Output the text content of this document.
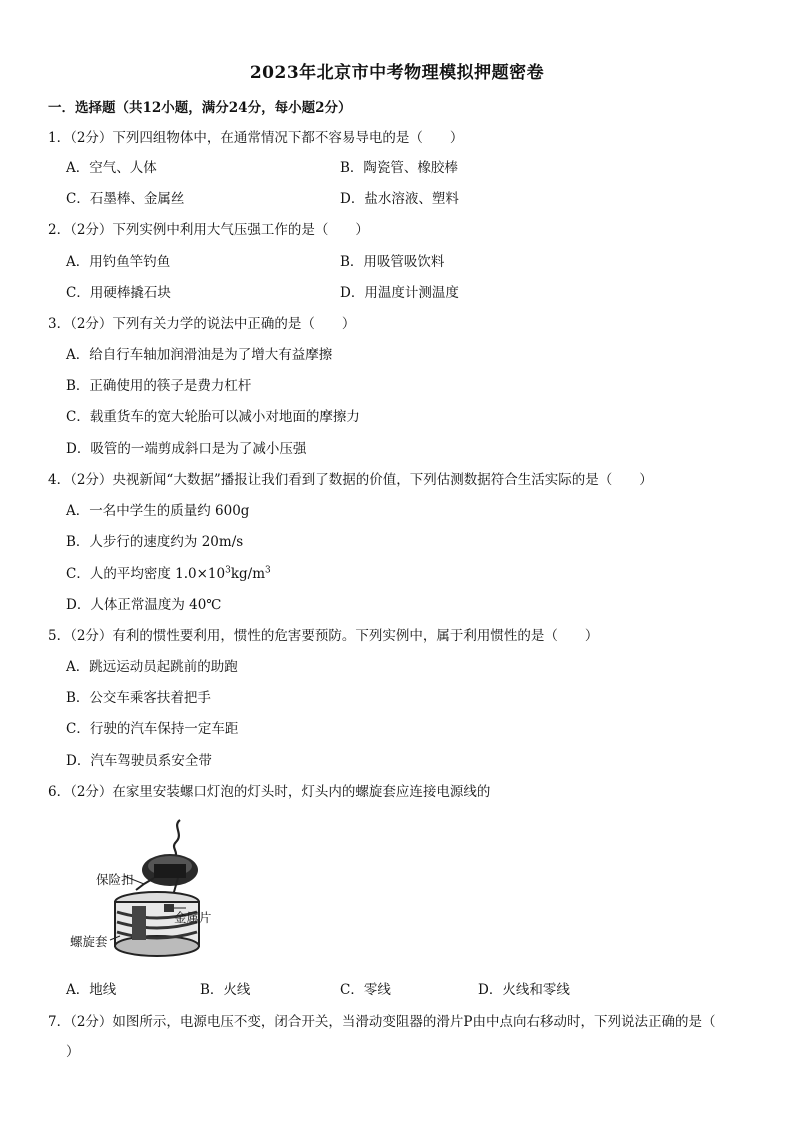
2023年北京市中考物理模拟押题密卷
一．选择题（共12小题，满分24分，每小题2分）
1．（2分）下列四组物体中，在通常情况下都不容易导电的是（　　）
A．空气、人体	B．陶瓷管、橡胶棒
C．石墨棒、金属丝	D．盐水溶液、塑料
2．（2分）下列实例中利用大气压强工作的是（　　）
A．用钓鱼竿钓鱼	B．用吸管吸饮料
C．用硬棒撬石块	D．用温度计测温度
3．（2分）下列有关力学的说法中正确的是（　　）
A．给自行车轴加润滑油是为了增大有益摩擦
B．正确使用的筷子是费力杠杆
C．载重货车的宽大轮胎可以减小对地面的摩擦力
D．吸管的一端剪成斜口是为了减小压强
4．（2分）央视新闻“大数据”播报让我们看到了数据的价值，下列估测数据符合生活实际的是（　　）
A．一名中学生的质量约 600g
B．人步行的速度约为 20m/s
C．人的平均密度 $1.0\times 10^3kg/m^3$
D．人体正常温度为 40℃
5．（2分）有利的惯性要利用，惯性的危害要预防。下列实例中，属于利用惯性的是（　　）
A．跳远运动员起跳前的助跑
B．公交车乘客扶着把手
C．行驶的汽车保持一定车距
D．汽车驾驶员系安全带
6．（2分）在家里安装螺口灯泡的灯头时，灯头内的螺旋套应连接电源线的
保险扣
金属片
螺旋套
A．地线	B．火线	C．零线	D．火线和零线
7．（2分）如图所示，电源电压不变，闭合开关，当滑动变阻器的滑片P由中点向右移动时，下列说法正确的是（
）
